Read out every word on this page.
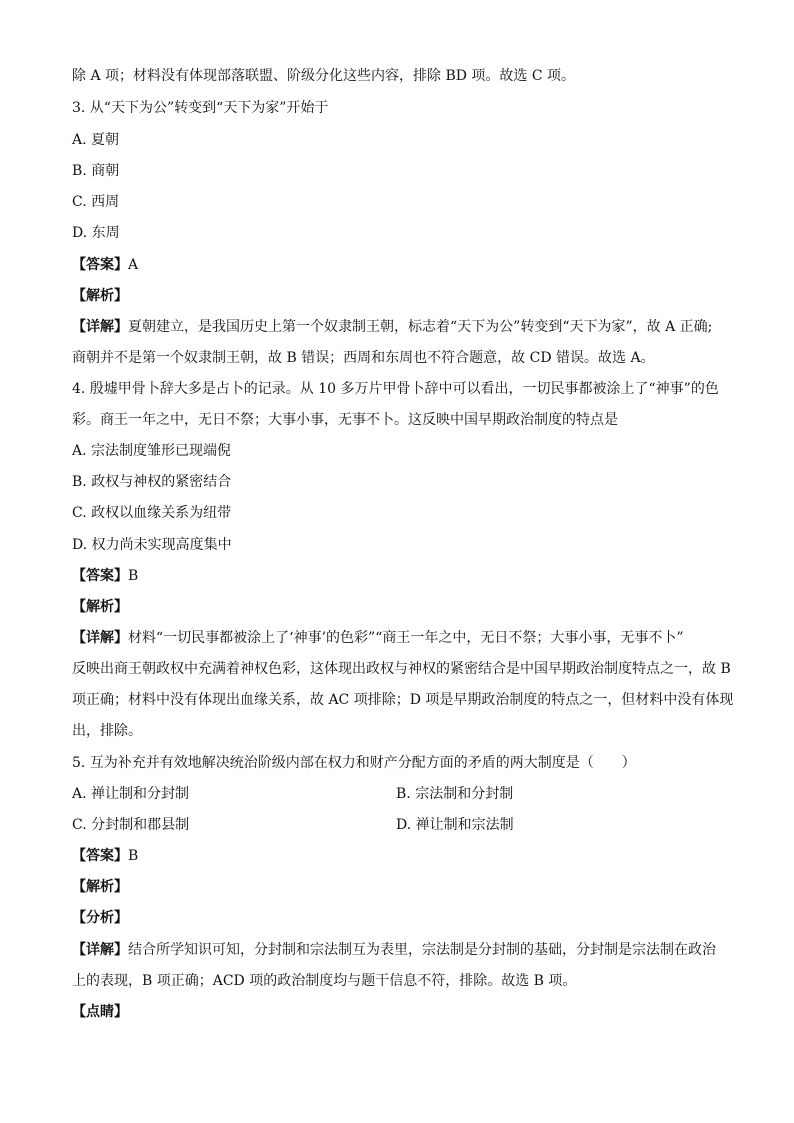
除 A 项；材料没有体现部落联盟、阶级分化这些内容，排除 BD 项。故选 C 项。
3. 从“天下为公”转变到“天下为家”开始于
A. 夏朝
B. 商朝
C. 西周
D. 东周
【答案】A
【解析】
【详解】夏朝建立，是我国历史上第一个奴隶制王朝，标志着“天下为公”转变到“天下为家”，故 A 正确;
商朝并不是第一个奴隶制王朝，故 B 错误；西周和东周也不符合题意，故 CD 错误。故选 A。
4. 殷墟甲骨卜辞大多是占卜的记录。从 10 多万片甲骨卜辞中可以看出，一切民事都被涂上了“神事”的色
彩。商王一年之中，无日不祭；大事小事，无事不卜。这反映中国早期政治制度的特点是
A. 宗法制度雏形已现端倪
B. 政权与神权的紧密结合
C. 政权以血缘关系为纽带
D. 权力尚未实现高度集中
【答案】B
【解析】
【详解】材料“一切民事都被涂上了‘神事’的色彩”“商王一年之中，无日不祭；大事小事，无事不卜”
反映出商王朝政权中充满着神权色彩，这体现出政权与神权的紧密结合是中国早期政治制度特点之一，故 B
项正确；材料中没有体现出血缘关系，故 AC 项排除；D 项是早期政治制度的特点之一，但材料中没有体现
出，排除。
5. 互为补充并有效地解决统治阶级内部在权力和财产分配方面的矛盾的两大制度是（　　）
A. 禅让制和分封制	B. 宗法制和分封制
C. 分封制和郡县制	D. 禅让制和宗法制
【答案】B
【解析】
【分析】
【详解】结合所学知识可知，分封制和宗法制互为表里，宗法制是分封制的基础，分封制是宗法制在政治
上的表现，B 项正确；ACD 项的政治制度均与题干信息不符，排除。故选 B 项。
【点睛】
